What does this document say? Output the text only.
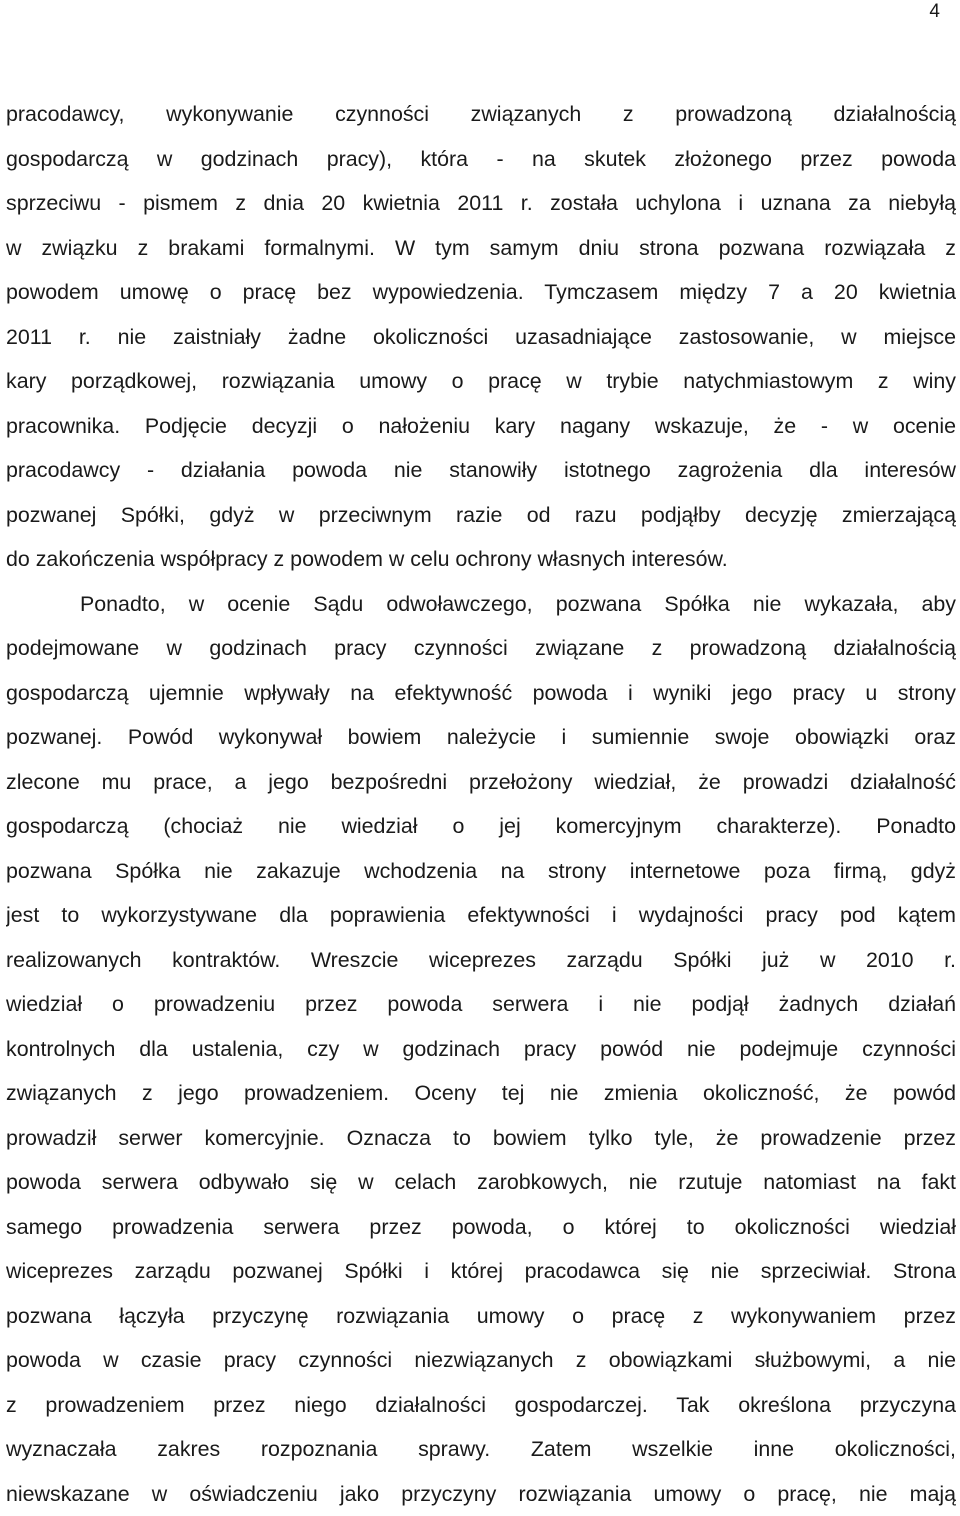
4
pracodawcy, wykonywanie czynności związanych z prowadzoną działalnością
gospodarczą w godzinach pracy), która - na skutek złożonego przez powoda
sprzeciwu - pismem z dnia 20 kwietnia 2011 r. została uchylona i uznana za niebyłą
w związku z brakami formalnymi. W tym samym dniu strona pozwana rozwiązała z
powodem umowę o pracę bez wypowiedzenia. Tymczasem między 7 a 20 kwietnia
2011 r. nie zaistniały żadne okoliczności uzasadniające zastosowanie, w miejsce
kary porządkowej, rozwiązania umowy o pracę w trybie natychmiastowym z winy
pracownika. Podjęcie decyzji o nałożeniu kary nagany wskazuje, że - w ocenie
pracodawcy - działania powoda nie stanowiły istotnego zagrożenia dla interesów
pozwanej Spółki, gdyż w przeciwnym razie od razu podjąłby decyzję zmierzającą
do zakończenia współpracy z powodem w celu ochrony własnych interesów.
Ponadto, w ocenie Sądu odwoławczego, pozwana Spółka nie wykazała, aby
podejmowane w godzinach pracy czynności związane z prowadzoną działalnością
gospodarczą ujemnie wpływały na efektywność powoda i wyniki jego pracy u strony
pozwanej. Powód wykonywał bowiem należycie i sumiennie swoje obowiązki oraz
zlecone mu prace, a jego bezpośredni przełożony wiedział, że prowadzi działalność
gospodarczą (chociaż nie wiedział o jej komercyjnym charakterze). Ponadto
pozwana Spółka nie zakazuje wchodzenia na strony internetowe poza firmą, gdyż
jest to wykorzystywane dla poprawienia efektywności i wydajności pracy pod kątem
realizowanych kontraktów. Wreszcie wiceprezes zarządu Spółki już w 2010 r.
wiedział o prowadzeniu przez powoda serwera i nie podjął żadnych działań
kontrolnych dla ustalenia, czy w godzinach pracy powód nie podejmuje czynności
związanych z jego prowadzeniem. Oceny tej nie zmienia okoliczność, że powód
prowadził serwer komercyjnie. Oznacza to bowiem tylko tyle, że prowadzenie przez
powoda serwera odbywało się w celach zarobkowych, nie rzutuje natomiast na fakt
samego prowadzenia serwera przez powoda, o której to okoliczności wiedział
wiceprezes zarządu pozwanej Spółki i której pracodawca się nie sprzeciwiał. Strona
pozwana łączyła przyczynę rozwiązania umowy o pracę z wykonywaniem przez
powoda w czasie pracy czynności niezwiązanych z obowiązkami służbowymi, a nie
z prowadzeniem przez niego działalności gospodarczej. Tak określona przyczyna
wyznaczała zakres rozpoznania sprawy. Zatem wszelkie inne okoliczności,
niewskazane w oświadczeniu jako przyczyny rozwiązania umowy o pracę, nie mają
